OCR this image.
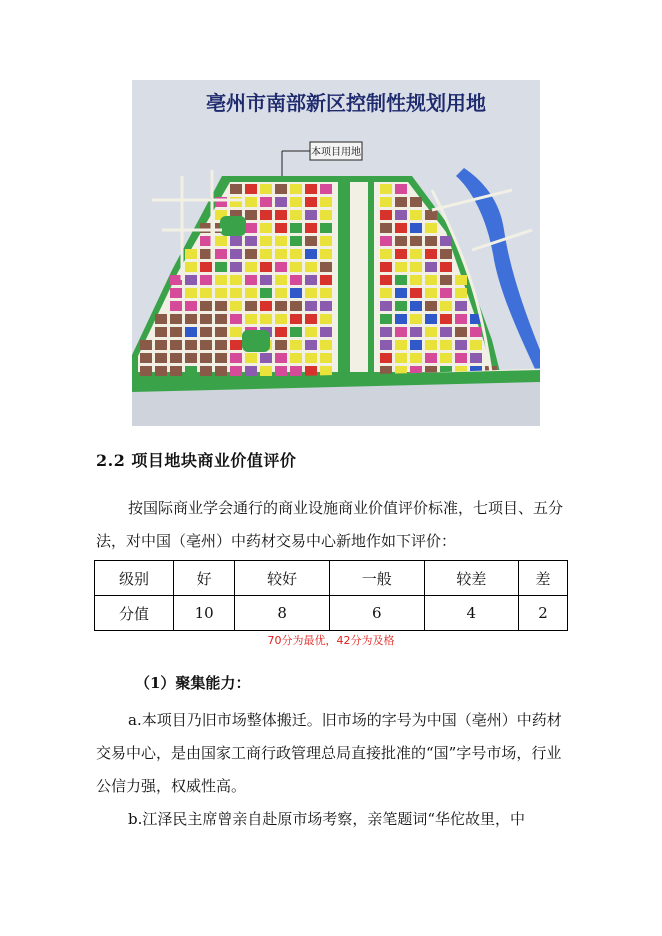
亳州市南部新区控制性规划用地
本项目用地
2.2 项目地块商业价值评价

按国际商业学会通行的商业设施商业价值评价标准，七项目、五分法，对中国（亳州）中药材交易中心新地作如下评价：

级别	好	较好	一般	较差	差
分值	10	8	6	4	2
70分为最优，42分为及格
（1）聚集能力：

a.本项目乃旧市场整体搬迁。旧市场的字号为中国（亳州）中药材交易中心，是由国家工商行政管理总局直接批准的“国”字号市场，行业公信力强，权威性高。

b.江泽民主席曾亲自赴原市场考察，亲笔题词“华佗故里，中
